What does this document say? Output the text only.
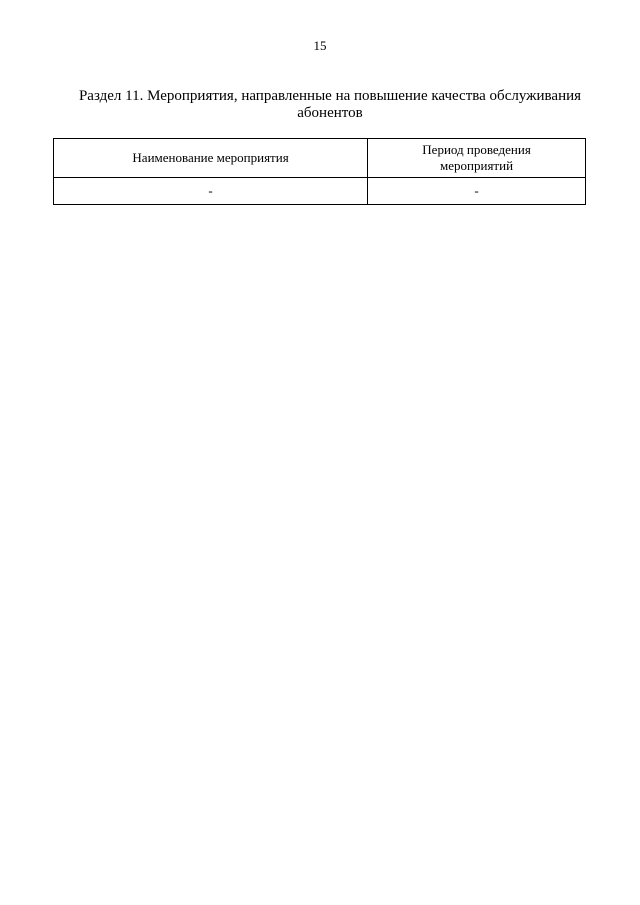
15
Раздел 11. Мероприятия, направленные на повышение качества обслуживания
абонентов
Наименование мероприятия	Период проведения
мероприятий

-	-
